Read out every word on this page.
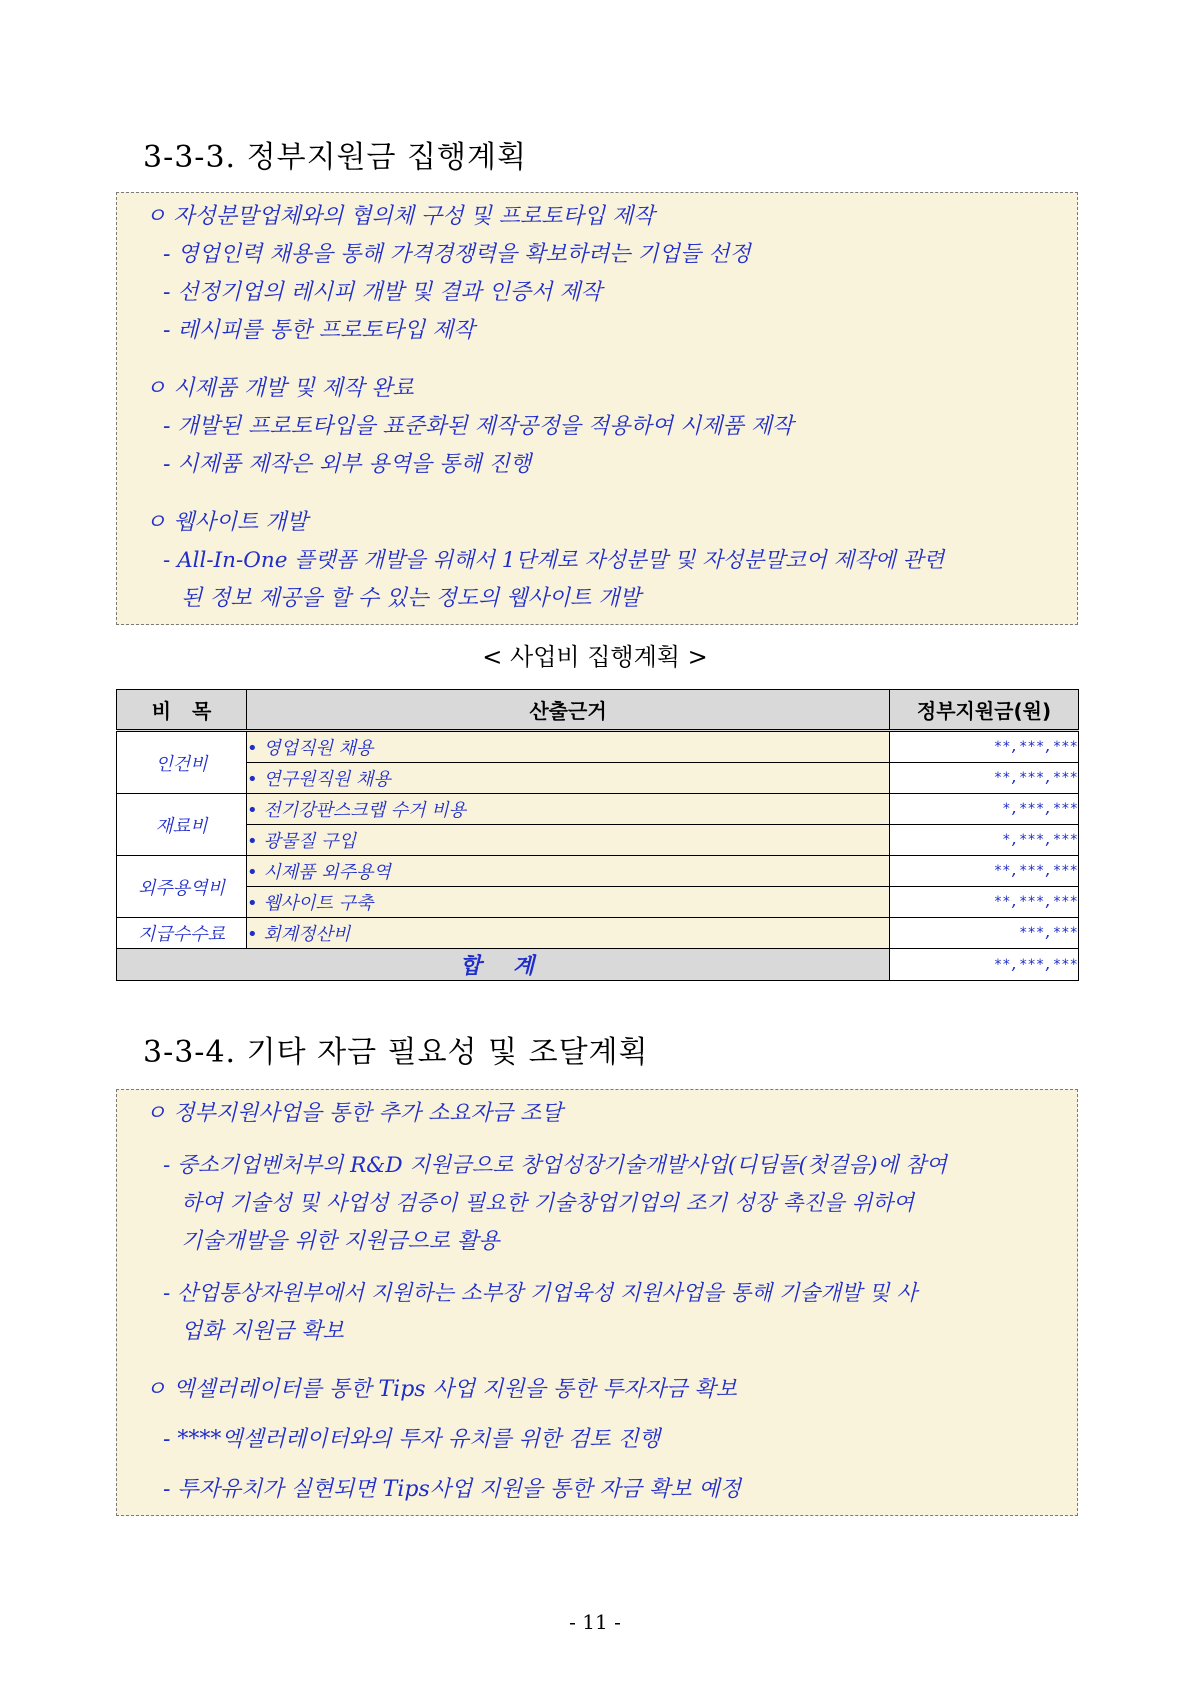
3-3-3. 정부지원금 집행계획

ㅇ 자성분말업체와의 협의체 구성 및 프로토타입 제작

- 영업인력 채용을 통해 가격경쟁력을 확보하려는 기업들 선정

- 선정기업의 레시피 개발 및 결과 인증서 제작

- 레시피를 통한 프로토타입 제작

ㅇ 시제품 개발 및 제작 완료

- 개발된 프로토타입을 표준화된 제작공정을 적용하여 시제품 제작

- 시제품 제작은 외부 용역을 통해 진행

ㅇ 웹사이트 개발

- All-In-One 플랫폼 개발을 위해서 1단계로 자성분말 및 자성분말코어 제작에 관련

된 정보 제공을 할 수 있는 정도의 웹사이트 개발

< 사업비 집행계획 >

비   목	산출근거	정부지원금(원)
인건비	• 영업직원 채용	**,***,***
	• 연구원직원 채용	**,***,***
재료비	• 전기강판스크랩 수거 비용	*,***,***
	• 광물질 구입	*,***,***
외주용역비	• 시제품 외주용역	**,***,***
	• 웹사이트 구축	**,***,***
지급수수료	• 회계정산비	***,***
합 계		**,***,***
3-3-4. 기타 자금 필요성 및 조달계획

ㅇ 정부지원사업을 통한 추가 소요자금 조달

- 중소기업벤처부의 R&D 지원금으로 창업성장기술개발사업(디딤돌(첫걸음)에 참여

하여 기술성 및 사업성 검증이 필요한 기술창업기업의 조기 성장 촉진을 위하여

기술개발을 위한 지원금으로 활용

- 산업통상자원부에서 지원하는 소부장 기업육성 지원사업을 통해 기술개발 및 사

업화 지원금 확보

ㅇ 엑셀러레이터를 통한 Tips 사업 지원을 통한 투자자금 확보

- ****엑셀러레이터와의 투자 유치를 위한 검토 진행

- 투자유치가 실현되면 Tips사업 지원을 통한 자금 확보 예정

- 11 -
